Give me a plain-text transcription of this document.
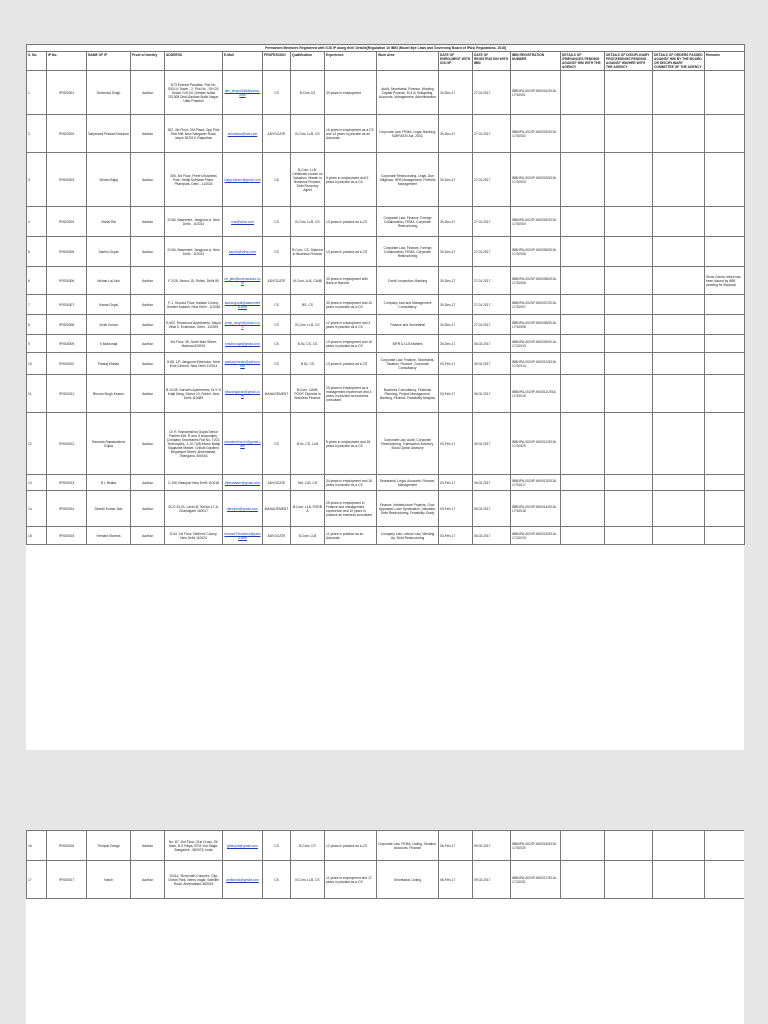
Permanent Members Registered with ICSI IP along their Details[Regulation 10 IBBI (Model Bye Laws and Governing Board of IPAs) Regulations, 2016]																
S. No.	IP No.	NAME OF IP	Proof of identity	ADDRESS	E-Mail	PROFESSION	Qualification	Experience	Work Area	DATE OF ENROLMENT WITH ICSI IIP	DATE OF REGISTRATION WITH IBBI	IBBI REGISTRATION NUMBER	DETAILS OF GRIEVANCES PENDING AGAINST HIM WITH THE AGENCY	DETAILS OF DISCIPLINARY PROCEEDINGS PENDING AGAINST HIM/HER WITH THE AGENCY	DETAILS OF ORDERS PASSED AGAINST HIM BY THE BOARD OR DISCIPLINARY COMMITTEE OF THE AGENCY	Remarks
1	IP/S00001	Devendra Singh	Aadhar	D73 Everest Paradise, Flat No. G0014, Tower - 2, Plot No - GH-03, Sector CHI-04, Greater Noida 201308 Distt-Gautam Budh Nagar, Uttar Pradesh	dev_singh4166@yahoo.com	CS	B.Com,CS	30 years in employment	Audit, Secretarial, Finance, Working Capital Projects, M & A, Budgeting, Accounts, Management, Administration	30-Dec-17	27.01.2017	IBBI/IPA-002/IP-N00001/2016-17/10001				
2	IP/S00002	Satyendra Prasad Khorania	Aadhar	302, 4th Floor, OM Plaza, Opp Pilot Rice Mill, New Sanganer Road, Jaipur 302019, Rajasthan	skhorania@live.com	ADVOCATE	B.Com, LLB, CS	16 years in employment as a CS and 13 years in practice as an Advocate	Corporate Law, FEMA, Legal, Banking, SARFAESI Act, 2002,	30-Dec-17	27.01.2017	IBBI/IPA-002/IP-N00002/2016-17/10002				
3	IP/S00003	Vikram Bajaj	Aadhar	305, 3rd Floor, Preet's Business Park, Netaji Subhash Place, Pitampura, Delhi - 110034	bajaj.vikram@gmail.com	CA	B.Com, LLB, Certificate course on Valuation, Master in Business Finance, Debt Recovery Agent	6 years in employment and 9 years in practice as a CA	Corporate Restructuring, Legal, Due Diligence, NPA Management, Portfolio Management	30-Dec-17	27.01.2017	IBBI/IPA-002/IP-N00003/2016-17/10003				
4	IP/S00004	Vishal Rai	Aadhar	2/106, Basement, Jangpura-A, New Delhi - 110014	vrai@vdrai.com	CS	B.Com, LLB, CS	13 years in practice as a CS	Corporate Law, Finance, Foreign Collaboration, FEMA, Corporate Restructuring	30-Dec-17	27.01.2017	IBBI/IPA-002/IP-N00004/2016-17/10004				
5	IP/S00005	Sachin Gupta	Aadhar	2/106, Basement, Jangpura-A, New Delhi - 110014	sachin@vdrai.com	CS	B.Com, CS, Diploma in Business Finance	13 years in practice as a CS	Corporate Law, Finance, Foreign Collaboration, FEMA, Corporate Restructuring	30-Dec-17	27.01.2017	IBBI/IPA-002/IP-N00005/2016-17/10005				
6	IP/S00006	Mohan Lal Jain	Aadhar	F-2/28, Sector-15, Rohini, Delhi 89	ml_jain@surendrarao.com	ADVOCATE	M.Com, LLB, CAIIB	30 years in employment with Bank of Baroda	Credit, Inspection, Banking	30-Dec-17	27.01.2017	IBBI/IPA-002/IP-N00006/2016-17/10006				Show Cause notice has been issued by IBBI pending for disposal.
7	IP/S00007	Kamal Goyal	Aadhar	F-1, Second Floor, Kailash Colony, Greater Kailash, New Delhi - 110048	kamal.goyal@aaanmehta.com	CS	BS, CS	30 years in employment and 10 years in practice as a CS	Company Law and Management Consultancy	30-Dec-17	27.01.2017	IBBI/IPA-002/IP-N00007/2016-17/10007				
8	IP/S00008	Vivek Kumar	Aadhar	E-602, Rosewood Apartments, Mayur Vihar II, Extension, Delhi - 110091	vivek_singh@yahoo.co.in	CS	B.Com, LLB, CS	12 years in employment and 3 years in practice as a CS	Finance and Secretarial	30-Dec-17	27.01.2017	IBBI/IPA-002/IP-N00008/2016-17/10008				
9	IP/S00009	S Muthuraja	Aadhar	3rd Floor, 35, North Mad Street, Madurai 625001	smuthuraja@gmail.com	CS	B.Sc, CS, CS	10 years in employment and 16 years in practice as a CS	BIFR & CLB Matters	30-Dec-17	06.02.2017	IBBI/IPA-002/IP-N00009/2016-17/10013				
10	IP/S00010	Pankaj Khetan	Aadhar	H-85, 1/F, Jangpura Extension, Near Eros Cinema, New Delhi 110014	pankaj.khetan@yahoo.com	CS	B.Sc, CS	13 years in practice as a CS	Corporate Law, Finance, Secretarial, Taxation, Finance, Corporate Consultancy	03-Feb-17	06.02.2017	IBBI/IPA-002/IP-N00010/2016-17/10014				
11	IP/S00011	Bhoom Singh Kusum	Aadhar	B-1/105, Sarvdeo Apartments, Dr K N Katju Marg, Sector 13, Rohini, New Delhi 110085	bksoongavan@gmail.com	MANAGEMENT	B.Com, CAIIB, PGDP, Diploma in Business Finance	25 years in employment as a management experience and 4 years in practice as business consultant	Business Consultancy, Financial Planning, Project Management, Banking, Finance, Feasibility Analysis	03-Feb-17	06.02.2017	IBBI/IPA-002/IP-N00011/2016-17/10015				
12	IP/S00012	Ramarla Ramakrishna Gupta	Aadhar	Ch R. Ramakrishna Gupta Senior Partner M/s. R and G Associates, Company Secretaries Flat No. T202, Technopolis, 1-10-74/B Above Balaji Magazine Market, Chikoti Gardens Begumpet Street, Ahmedabad, Telangana, 500016	ramakrishna.rlv@gmail.com	CS	B.Sc, CS, LLM	8 years in employment and 18 years in practice as a CS	Corporate Law, Audit, Corporate Restructuring, Transaction Advisory, Stock Option Advisory	03-Feb-17	06.02.2017	IBBI/IPA-002/IP-N00012/2016-17/10029				
13	IP/S00013	B L Bhatia	Aadhar	C-196 Vikaspuri New Delhi 110018	blbhatiaadv@gmail.com	ADVOCATE	MA, LLB, CS	34 years in employment and 18 years in practice as a CS	Secretarial, Legal, Accounts, Finance, Management	03-Feb-17	06.02.2017	IBBI/IPA-002/IP-N00013/2016-17/10017				
14	IP/S00014	Dinesh Kumar Jain	Aadhar	SCO 43-51, Level-III, Sector-17-A, Chandigarh 160017	dkrmjain@gmail.com	MANAGEMENT	B.Com, LLB, PGDB A	25 years in employment in Finance and management experience and 10 years in practice as business consultant	Finance, Infrastructure Projects, Govt. Appraisal, Loan Syndication, Valuation, Debt Restructuring, Feasibility Study	03-Feb-17	06.02.2017	IBBI/IPA-002/IP-N00014/2016-17/10018				
15	IP/S00015	Hemant Sharma	Aadhar	D-54, 1st Floor, Defence Colony, New Delhi 110024	hemant79sharma@yahoo.com	ADVOCATE	B.Com, LLB	11 years in practice as an Advocate	Company Law, Labour Law, Winding Up, Debt Restructuring	03-Feb-17	06.02.2017	IBBI/IPA-002/IP-N00015/2016-17/10019				
16	IP/S00016	Thirupal Gorige	Aadhar	No. 87, 2nd Floor, 21st Cross, 7th Main, N S Palya, BTM 2nd Stage, Bangalore - 560076, India	gthirupal@gmail.com	CS	B.Com, CS	12 years in practice as a CS	Corporate Law, FEMA, Listing, Taxation, Accounts, Finance	06-Feb-17	09.02.2017	IBBI/IPA-002/IP-N00016/2016-17/10020				
17	IP/S00017	Harsh	Aadhar	D/414, Shreenath Complex, Opp Ocean Park, Nehru nagar, Satellite Road, Ahmedabad-380015	amitdrolia@gmail.com	CS	B.Com, LLB, CS	11 years in employment and 17 years in practice as a CS	Secretarial, Listing	06-Feb-17	09.02.2017	IBBI/IPA-002/IP-N00017/2016-17/10021				
